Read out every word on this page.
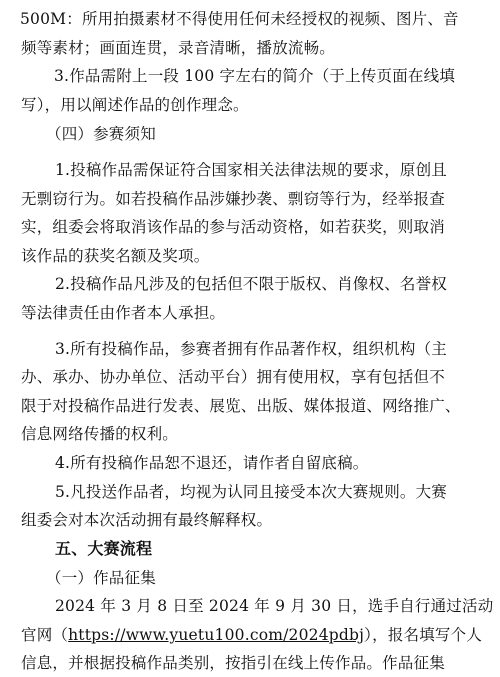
500M：所用拍摄素材不得使用任何未经授权的视频、图片、音
频等素材；画面连贯，录音清晰，播放流畅。
3.作品需附上一段 100 字左右的简介（于上传页面在线填
写），用以阐述作品的创作理念。
（四）参赛须知
1.投稿作品需保证符合国家相关法律法规的要求，原创且
无剽窃行为。如若投稿作品涉嫌抄袭、剽窃等行为，经举报查
实，组委会将取消该作品的参与活动资格，如若获奖，则取消
该作品的获奖名额及奖项。
2.投稿作品凡涉及的包括但不限于版权、肖像权、名誉权
等法律责任由作者本人承担。
3.所有投稿作品，参赛者拥有作品著作权，组织机构（主
办、承办、协办单位、活动平台）拥有使用权，享有包括但不
限于对投稿作品进行发表、展览、出版、媒体报道、网络推广、
信息网络传播的权利。
4.所有投稿作品恕不退还，请作者自留底稿。
5.凡投送作品者，均视为认同且接受本次大赛规则。大赛
组委会对本次活动拥有最终解释权。
五、大赛流程
（一）作品征集
2024 年 3 月 8 日至 2024 年 9 月 30 日，选手自行通过活动
官网（https://www.yuetu100.com/2024pdbj），报名填写个人
信息，并根据投稿作品类别，按指引在线上传作品。作品征集
